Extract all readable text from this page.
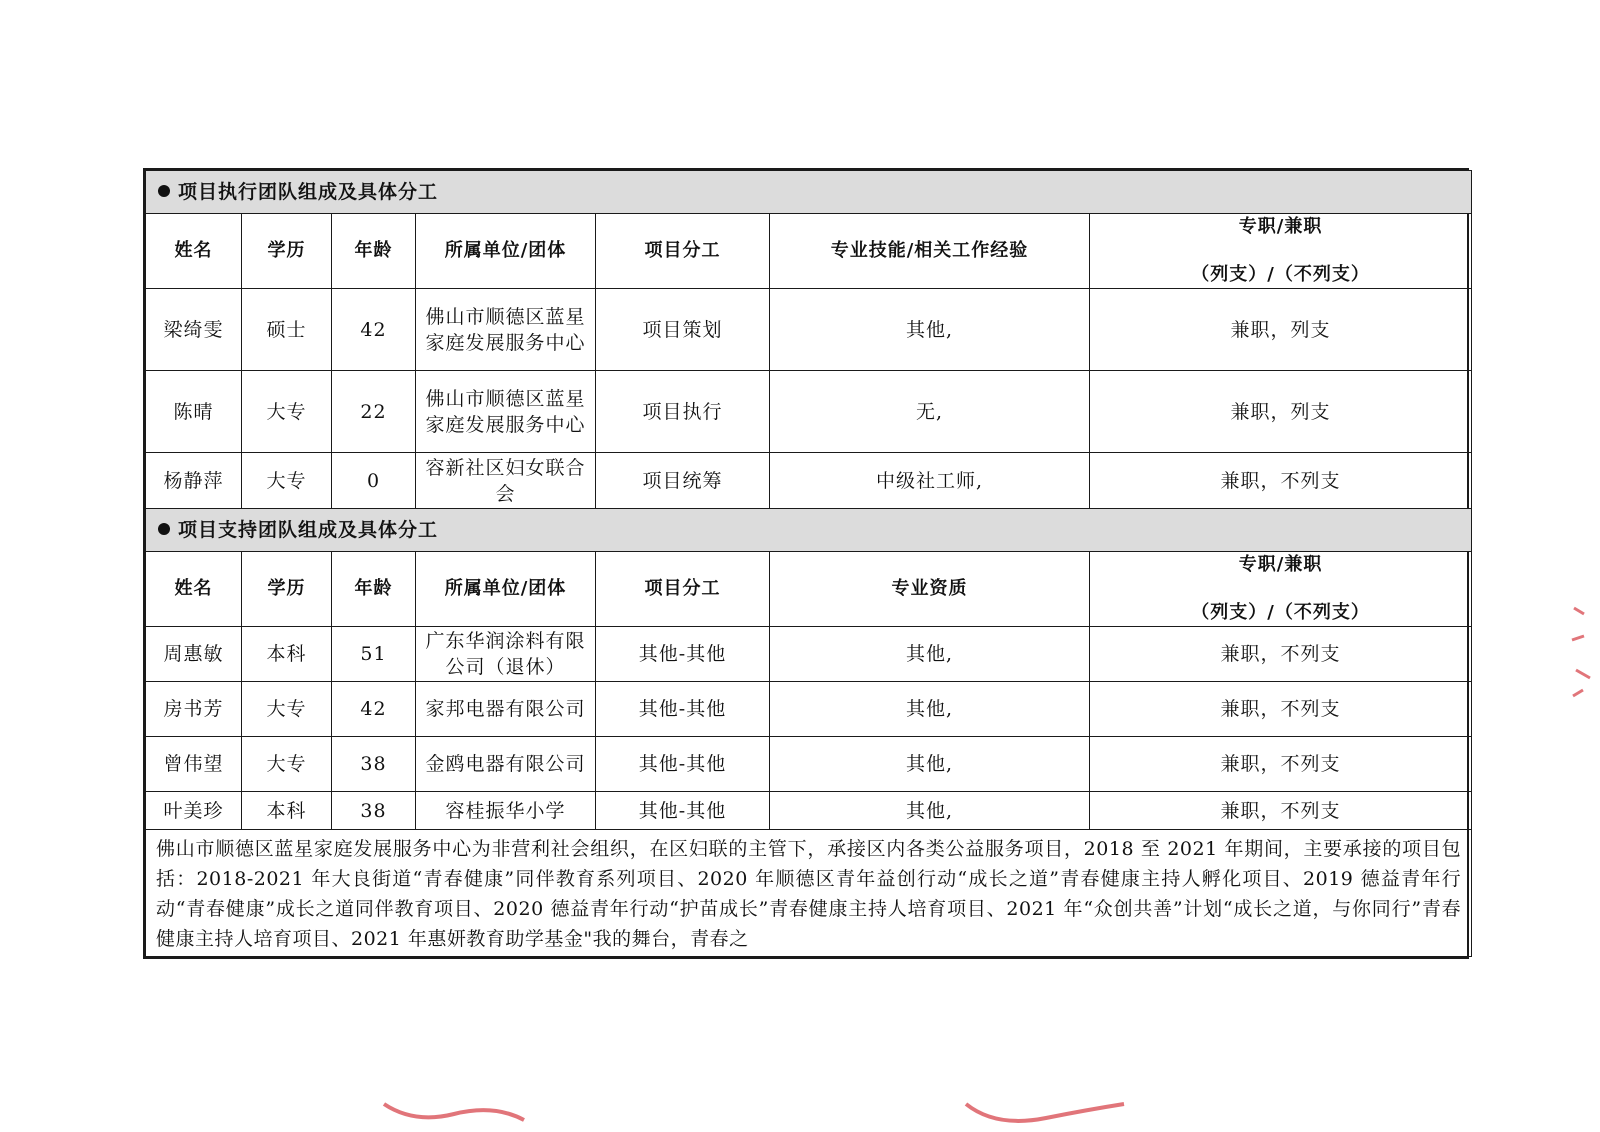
项目执行团队组成及具体分工						
姓名	学历	年龄	所属单位/团体	项目分工	专业技能/相关工作经验	专职/兼职
（列支）/（不列支）

梁绮雯	硕士	42	佛山市顺德区蓝星家庭发展服务中心	项目策划	其他,	兼职，列支
陈晴	大专	22	佛山市顺德区蓝星家庭发展服务中心	项目执行	无,	兼职，列支
杨静萍	大专	0	容新社区妇女联合会	项目统筹	中级社工师,	兼职，不列支
项目支持团队组成及具体分工						
姓名	学历	年龄	所属单位/团体	项目分工	专业资质	专职/兼职
（列支）/（不列支）

周惠敏	本科	51	广东华润涂料有限公司（退休）	其他-其他	其他,	兼职，不列支
房书芳	大专	42	家邦电器有限公司	其他-其他	其他,	兼职，不列支
曾伟望	大专	38	金鸥电器有限公司	其他-其他	其他,	兼职，不列支
叶美珍	本科	38	容桂振华小学	其他-其他	其他,	兼职，不列支
佛山市顺德区蓝星家庭发展服务中心为非营利社会组织，在区妇联的主管下，承接区内各类公益服务项目，2018 至 2021 年期间，主要承接的项目包括：2018-2021 年大良街道“青春健康”同伴教育系列项目、2020 年顺德区青年益创行动“成长之道”青春健康主持人孵化项目、2019 德益青年行动“青春健康”成长之道同伴教育项目、2020 德益青年行动“护苗成长”青春健康主持人培育项目、2021 年“众创共善”计划“成长之道，与你同行”青春健康主持人培育项目、2021 年惠妍教育助学基金"我的舞台，青春之						
